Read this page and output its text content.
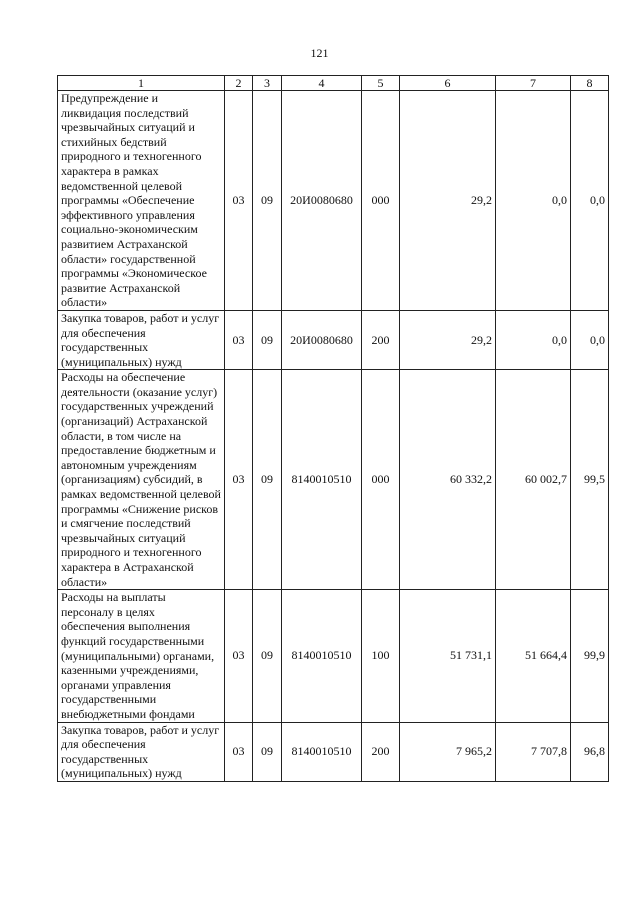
121
1	2	3	4	5	6	7	8
Предупреждение и ликвидация последствий чрезвычайных ситуаций и стихийных бедствий природного и техногенного характера в рамках ведомственной целевой программы «Обеспечение эффективного управления социально-экономическим развитием Астраханской области» государственной программы «Экономическое развитие Астраханской области»	03	09	20И0080680	000	29,2	0,0	0,0
Закупка товаров, работ и услуг для обеспечения государственных (муниципальных) нужд	03	09	20И0080680	200	29,2	0,0	0,0
Расходы на обеспечение деятельности (оказание услуг) государственных учреждений (организаций) Астраханской области, в том числе на предоставление бюджетным и автономным учреждениям (организациям) субсидий, в рамках ведомственной целевой программы «Снижение рисков и смягчение последствий чрезвычайных ситуаций природного и техногенного характера в Астраханской области»	03	09	8140010510	000	60 332,2	60 002,7	99,5
Расходы на выплаты персоналу в целях обеспечения выполнения функций государственными (муниципальными) органами, казенными учреждениями, органами управления государственными внебюджетными фондами	03	09	8140010510	100	51 731,1	51 664,4	99,9
Закупка товаров, работ и услуг для обеспечения государственных (муниципальных) нужд	03	09	8140010510	200	7 965,2	7 707,8	96,8
